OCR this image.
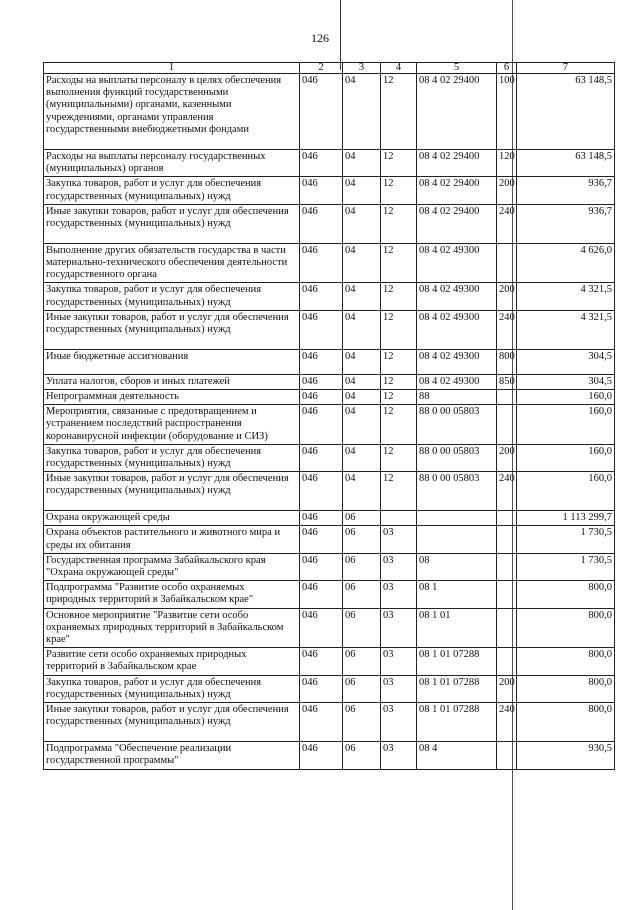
126
1	2	3	4	5	6	7
Расходы на выплаты персоналу в целях обеспечения выполнения функций государственными (муниципальными) органами, казенными учреждениями, органами управления государственными внебюджетными фондами	046	04	12	08 4 02 29400	100	63 148,5
Расходы на выплаты персоналу государственных (муниципальных) органов	046	04	12	08 4 02 29400	120	63 148,5
Закупка товаров, работ и услуг для обеспечения государственных (муниципальных) нужд	046	04	12	08 4 02 29400	200	936,7
Иные закупки товаров, работ и услуг для обеспечения государственных (муниципальных) нужд	046	04	12	08 4 02 29400	240	936,7
Выполнение других обязательств государства в части материально-технического обеспечения деятельности государственного органа	046	04	12	08 4 02 49300		4 626,0
Закупка товаров, работ и услуг для обеспечения государственных (муниципальных) нужд	046	04	12	08 4 02 49300	200	4 321,5
Иные закупки товаров, работ и услуг для обеспечения государственных (муниципальных) нужд	046	04	12	08 4 02 49300	240	4 321,5
Иные бюджетные ассигнования	046	04	12	08 4 02 49300	800	304,5
Уплата налогов, сборов и иных платежей	046	04	12	08 4 02 49300	850	304,5
Непрограммная деятельность	046	04	12	88		160,0
Мероприятия, связанные с предотвращением и устранением последствий распространения коронавирусной инфекции (оборудование и СИЗ)	046	04	12	88 0 00 05803		160,0
Закупка товаров, работ и услуг для обеспечения государственных (муниципальных) нужд	046	04	12	88 0 00 05803	200	160,0
Иные закупки товаров, работ и услуг для обеспечения государственных (муниципальных) нужд	046	04	12	88 0 00 05803	240	160,0
Охрана окружающей среды	046	06				1 113 299,7
Охрана объектов растительного и животного мира и среды их обитания	046	06	03			1 730,5
Государственная программа Забайкальского края "Охрана окружающей среды"	046	06	03	08		1 730,5
Подпрограмма "Развитие особо охраняемых природных территорий в Забайкальском крае"	046	06	03	08 1		800,0
Основное мероприятие "Развитие сети особо охраняемых природных территорий в Забайкальском крае"	046	06	03	08 1 01		800,0
Развитие сети особо охраняемых природных территорий в Забайкальском крае	046	06	03	08 1 01 07288		800,0
Закупка товаров, работ и услуг для обеспечения государственных (муниципальных) нужд	046	06	03	08 1 01 07288	200	800,0
Иные закупки товаров, работ и услуг для обеспечения государственных (муниципальных) нужд	046	06	03	08 1 01 07288	240	800,0
Подпрограмма "Обеспечение реализации государственной программы"	046	06	03	08 4		930,5
